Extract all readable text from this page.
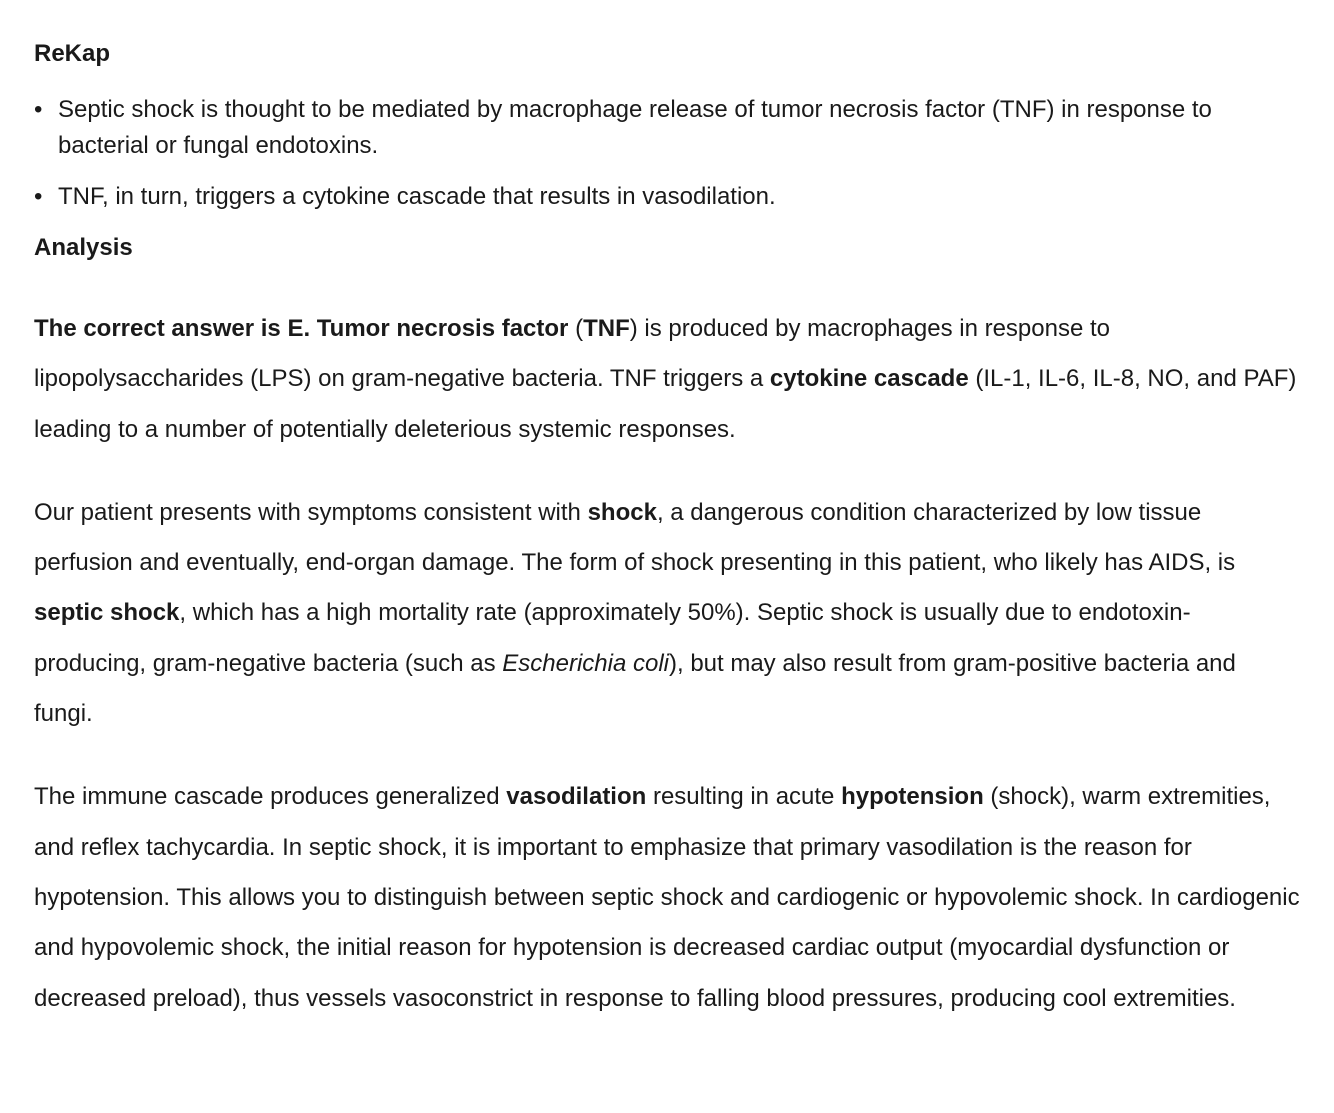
ReKap
• Septic shock is thought to be mediated by macrophage release of tumor necrosis factor (TNF) in response to bacterial or fungal endotoxins.
• TNF, in turn, triggers a cytokine cascade that results in vasodilation.
Analysis

The correct answer is E. Tumor necrosis factor (TNF) is produced by macrophages in response to lipopolysaccharides (LPS) on gram-negative bacteria. TNF triggers a cytokine cascade (IL-1, IL-6, IL-8, NO, and PAF) leading to a number of potentially deleterious systemic responses.

Our patient presents with symptoms consistent with shock, a dangerous condition characterized by low tissue perfusion and eventually, end-organ damage. The form of shock presenting in this patient, who likely has AIDS, is septic shock, which has a high mortality rate (approximately 50%). Septic shock is usually due to endotoxin-producing, gram-negative bacteria (such as Escherichia coli), but may also result from gram-positive bacteria and fungi.

The immune cascade produces generalized vasodilation resulting in acute hypotension (shock), warm extremities, and reflex tachycardia. In septic shock, it is important to emphasize that primary vasodilation is the reason for hypotension. This allows you to distinguish between septic shock and cardiogenic or hypovolemic shock. In cardiogenic and hypovolemic shock, the initial reason for hypotension is decreased cardiac output (myocardial dysfunction or decreased preload), thus vessels vasoconstrict in response to falling blood pressures, producing cool extremities.
